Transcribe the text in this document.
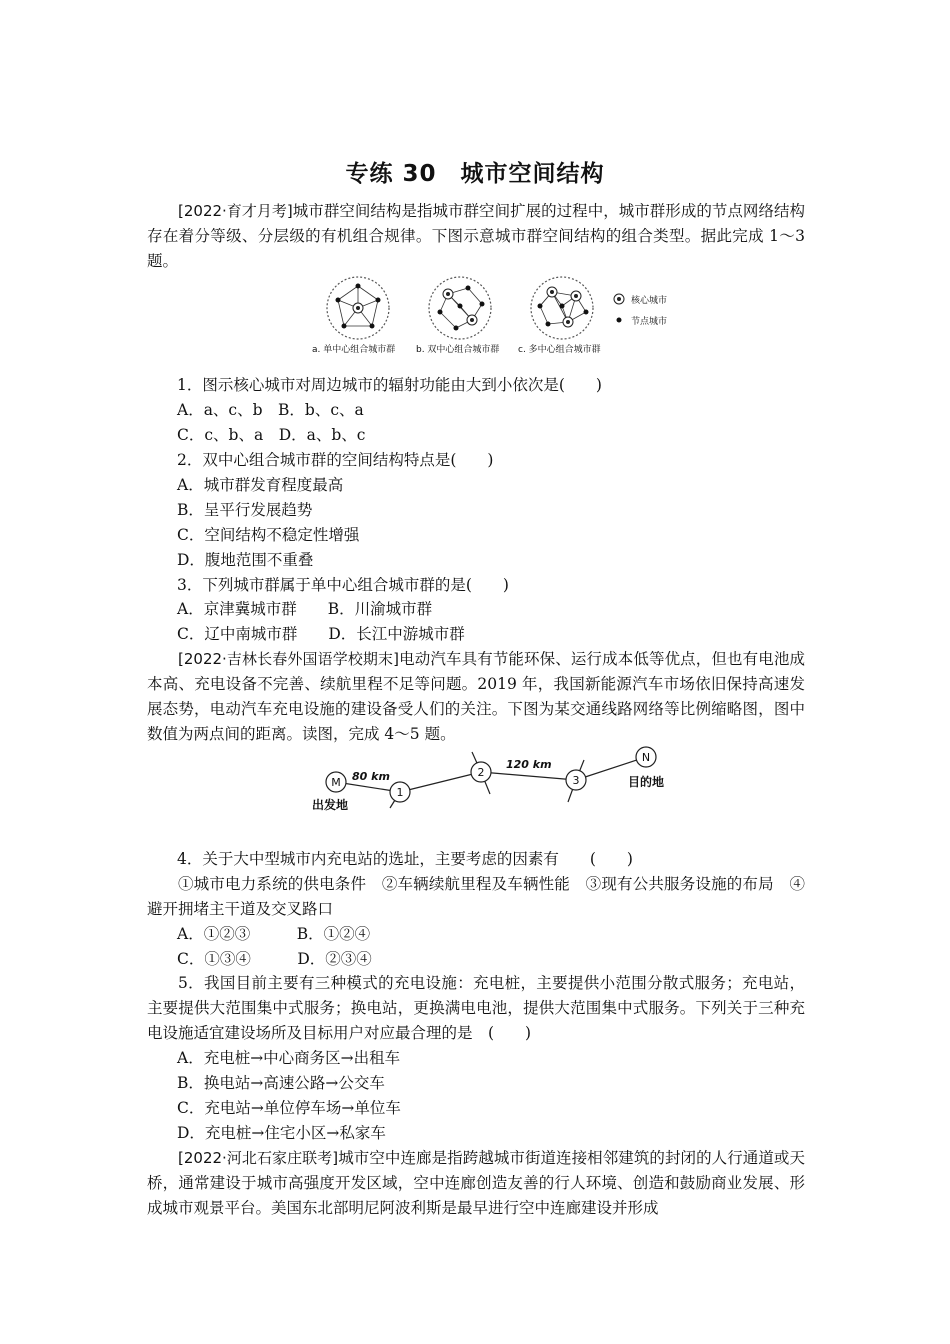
专练 30　城市空间结构

[2022·育才月考]城市群空间结构是指城市群空间扩展的过程中，城市群形成的节点网络结构存在着分等级、分层级的有机组合规律。下图示意城市群空间结构的组合类型。据此完成 1～3 题。

a. 单中心组合城市群 b. 双中心组合城市群 c. 多中心组合城市群
核心城市
节点城市

1．图示核心城市对周边城市的辐射功能由大到小依次是(　　)

A．a、c、b　B．b、c、a

C．c、b、a　D．a、b、c

2．双中心组合城市群的空间结构特点是(　　)

A．城市群发育程度最高

B．呈平行发展趋势

C．空间结构不稳定性增强

D．腹地范围不重叠

3．下列城市群属于单中心组合城市群的是(　　)

A．京津冀城市群　　B．川渝城市群

C．辽中南城市群　　D．长江中游城市群

[2022·吉林长春外国语学校期末]电动汽车具有节能环保、运行成本低等优点，但也有电池成本高、充电设备不完善、续航里程不足等问题。2019 年，我国新能源汽车市场依旧保持高速发展态势，电动汽车充电设施的建设备受人们的关注。下图为某交通线路网络等比例缩略图，图中数值为两点间的距离。读图，完成 4～5 题。

M
1
2
3
N
80 km
120 km
出发地
目的地

4．关于大中型城市内充电站的选址，主要考虑的因素有　　(　　)

①城市电力系统的供电条件　②车辆续航里程及车辆性能　③现有公共服务设施的布局　④避开拥堵主干道及交叉路口

A．①②③　　　B．①②④

C．①③④　　　D．②③④

5．我国目前主要有三种模式的充电设施：充电桩，主要提供小范围分散式服务；充电站，主要提供大范围集中式服务；换电站，更换满电电池，提供大范围集中式服务。下列关于三种充电设施适宜建设场所及目标用户对应最合理的是　(　　)

A．充电桩→中心商务区→出租车

B．换电站→高速公路→公交车

C．充电站→单位停车场→单位车

D．充电桩→住宅小区→私家车

[2022·河北石家庄联考]城市空中连廊是指跨越城市街道连接相邻建筑的封闭的人行通道或天桥，通常建设于城市高强度开发区域，空中连廊创造友善的行人环境、创造和鼓励商业发展、形成城市观景平台。美国东北部明尼阿波利斯是最早进行空中连廊建设并形成
